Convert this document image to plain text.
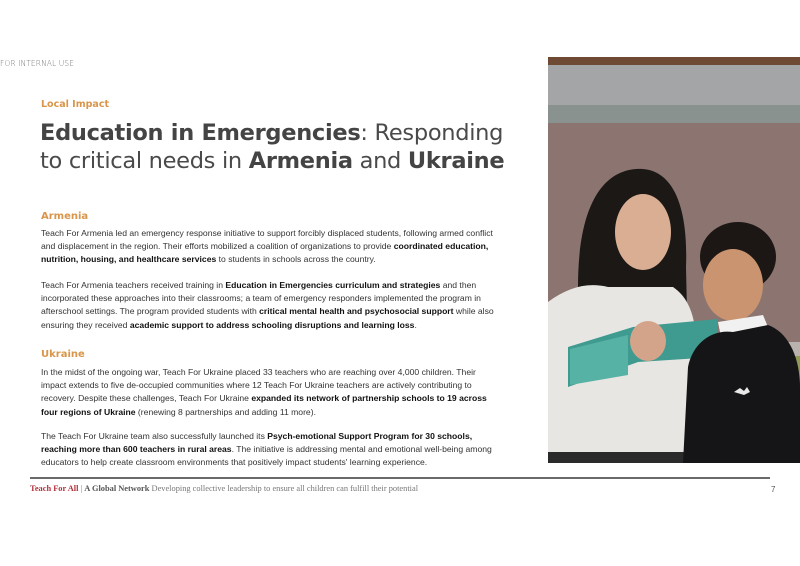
FOR INTERNAL USE
Local Impact
Education in Emergencies: Responding
to critical needs in Armenia and Ukraine
Armenia

Teach For Armenia led an emergency response initiative to support forcibly displaced students, following armed conflict and displacement in the region. Their efforts mobilized a coalition of organizations to provide coordinated education, nutrition, housing, and healthcare services to students in schools across the country.

Teach For Armenia teachers received training in Education in Emergencies curriculum and strategies and then incorporated these approaches into their classrooms; a team of emergency responders implemented the program in afterschool settings. The program provided students with critical mental health and psychosocial support while also ensuring they received academic support to address schooling disruptions and learning loss.

Ukraine

In the midst of the ongoing war, Teach For Ukraine placed 33 teachers who are reaching over 4,000 children. Their impact extends to five de-occupied communities where 12 Teach For Ukraine teachers are actively contributing to recovery. Despite these challenges, Teach For Ukraine expanded its network of partnership schools to 19 across four regions of Ukraine (renewing 8 partnerships and adding 11 more).

The Teach For Ukraine team also successfully launched its Psych-emotional Support Program for 30 schools, reaching more than 600 teachers in rural areas. The initiative is addressing mental and emotional well-being among educators to help create classroom environments that positively impact students' learning experience.

Teach For All | A Global Network Developing collective leadership to ensure all children can fulfill their potential	7
